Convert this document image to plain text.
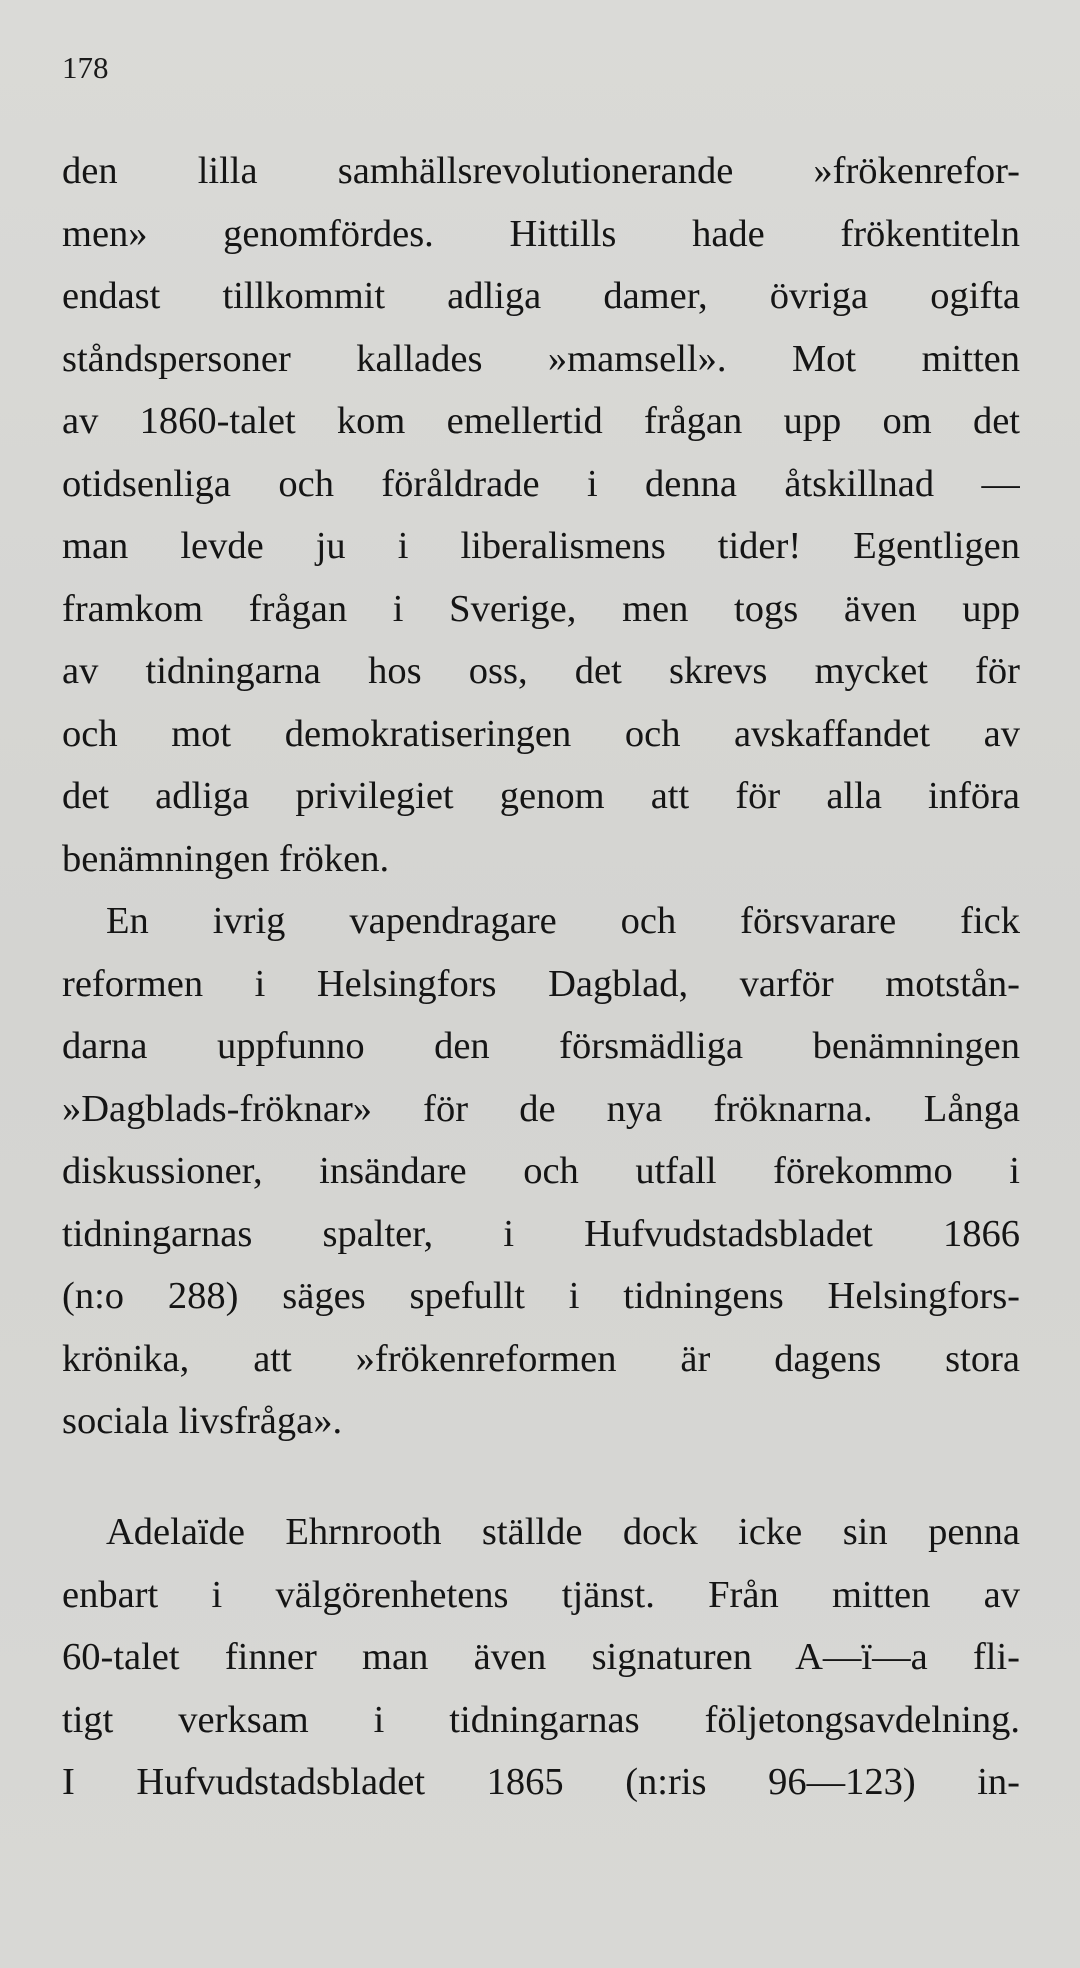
178
den lilla samhällsrevolutionerande »frökenrefor-
men» genomfördes. Hittills hade frökentiteln
endast tillkommit adliga damer, övriga ogifta
ståndspersoner kallades »mamsell». Mot mitten
av 1860-talet kom emellertid frågan upp om det
otidsenliga och föråldrade i denna åtskillnad —
man levde ju i liberalismens tider! Egentligen
framkom frågan i Sverige, men togs även upp
av tidningarna hos oss, det skrevs mycket för
och mot demokratiseringen och avskaffandet av
det adliga privilegiet genom att för alla införa
benämningen fröken.
En ivrig vapendragare och försvarare fick
reformen i Helsingfors Dagblad, varför motstån-
darna uppfunno den försmädliga benämningen
»Dagblads-fröknar» för de nya fröknarna. Långa
diskussioner, insändare och utfall förekommo i
tidningarnas spalter, i Hufvudstadsbladet 1866
(n:o 288) säges spefullt i tidningens Helsingfors-
krönika, att »frökenreformen är dagens stora
sociala livsfråga».
Adelaïde Ehrnrooth ställde dock icke sin penna
enbart i välgörenhetens tjänst. Från mitten av
60-talet finner man även signaturen A—ï—a fli-
tigt verksam i tidningarnas följetongsavdelning.
I Hufvudstadsbladet 1865 (n:ris 96—123) in-
